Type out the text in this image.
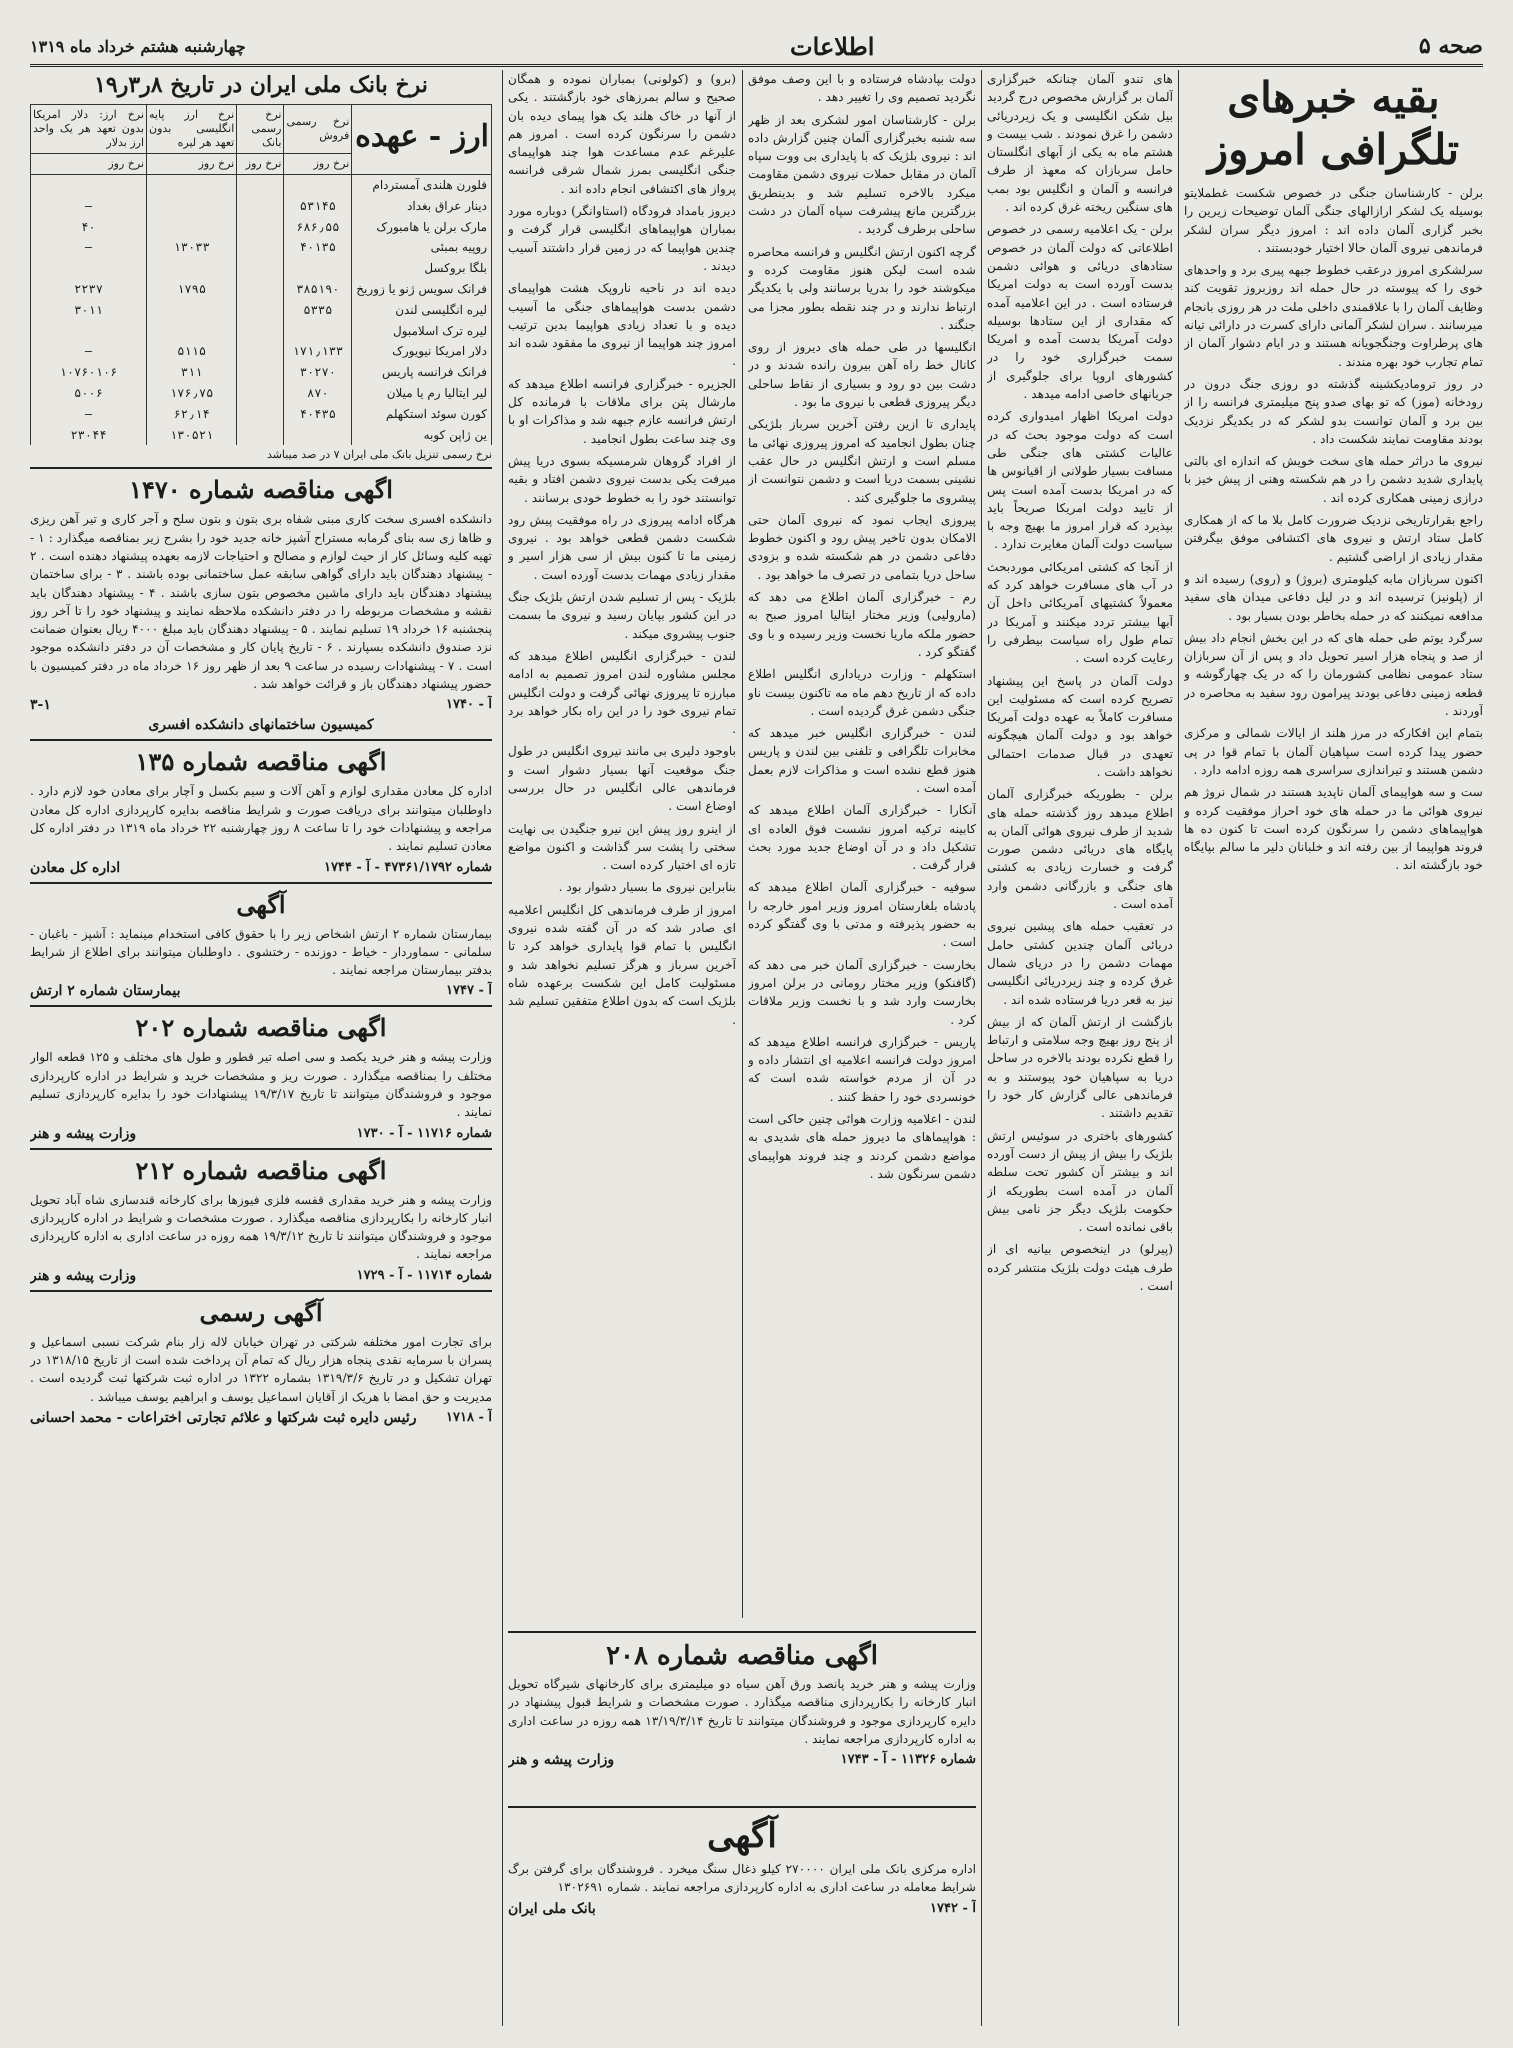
صحه ۵
اطلاعات
چهارشنبه هشتم خرداد ماه ۱۳۱۹
بقیه خبرهای تلگرافی امروز

برلن - کارشناسان جنگی در خصوص شکست غطملایتو بوسیله یک لشکر ارازالهای جنگی آلمان توضیحات زیرین را بخبر گزاری آلمان داده اند : امروز دیگر سران لشکر فرماندهی نیروی آلمان حالا اختیار خودبستند .

سرلشکری امروز درعقب خطوط جبهه پیری برد و واحدهای خوی را که پیوسته در حال حمله اند روزبروز تقویت کند وظایف آلمان را با علاقمندی داخلی ملت در هر روزی بانجام میرسانند . سران لشکر آلمانی دارای کسرت در دارائی تیانه های پرطراوت وجنگجویانه هستند و در ایام دشوار آلمان از تمام تجارب خود بهره مندند .

در روز ترومادیکشینه گذشته دو روزی جنگ درون در رودخانه (موز) که تو بهای صدو پنج میلیمتری فرانسه را از بین برد و آلمان توانست بدو لشکر که در یکدیگر نزدیک بودند مقاومت نمایند شکست داد .

نیروی ما دراثر حمله های سخت خویش که اندازه ای بالتی پایداری شدید دشمن را در هم شکسته وهنی از پیش خیز با درازی زمینی همکاری کرده اند .

راجع بقرارتاریخی نزدیک ضرورت کامل بلا ما که از همکاری کامل ستاد ارتش و نیروی های اکتشافی موفق بیگرفتن مقدار زیادی از اراضی گشتیم .

اکنون سربازان مابه کیلومتری (بروژ) و (روی) رسیده اند و از (پلونیز) ترسیده اند و در لیل دفاعی میدان های سفید مدافعه نمیکنند که در حمله بخاطر بودن بسیار بود .

سرگرد یوتم طی حمله های که در این بخش انجام داد بیش از صد و پنجاه هزار اسیر تحویل داد و پس از آن سربازان ستاد عمومی نظامی کشورمان را که در یک چهارگوشه و قطعه زمینی دفاعی بودند پیرامون رود سفید به محاصره در آوردند .

بتمام این افکارکه در مرز هلند از ایالات شمالی و مرکزی حضور پیدا کرده است سپاهیان آلمان با تمام قوا در پی دشمن هستند و تیراندازی سراسری همه روزه ادامه دارد .

ست و سه هواپیمای آلمان ناپدید هستند در شمال نروژ هم نیروی هوائی ما در حمله های خود احراز موفقیت کرده و هواپیماهای دشمن را سرنگون کرده است تا کنون ده ها فروند هواپیما از بین رفته اند و خلبانان دلیر ما سالم بپایگاه خود بازگشته اند .

های تندو آلمان چنانکه خبرگزاری آلمان بر گزارش مخصوص درج گردید بیل شکن انگلیسی و یک زیردریائی دشمن را غرق نمودند . شب بیست و هشتم ماه به یکی از آبهای انگلستان حامل سربازان که معهذ از طرف فرانسه و آلمان و انگلیس بود بمب های سنگین ریخته غرق کرده اند .

برلن - یک اعلامیه رسمی در خصوص اطلاعاتی که دولت آلمان در خصوص ستادهای دریائی و هوائی دشمن بدست آورده است به دولت امریکا فرستاده است . در این اعلامیه آمده که مقداری از این ستادها بوسیله دولت آمریکا بدست آمده و امریکا سمت خبرگزاری خود را در کشورهای اروپا برای جلوگیری از جریانهای خاصی ادامه میدهد .

دولت امریکا اظهار امیدواری کرده است که دولت موجود بحث که در عالیات کشتی های جنگی طی مسافت بسیار طولانی از اقیانوس ها که در امریکا بدست آمده است پس از تایید دولت امریکا صریحاً باید بپذیرد که قرار امروز ما بهیچ وجه با سیاست دولت آلمان مغایرت ندارد .

از آنجا که کشتی امریکائی موردبحث در آب های مسافرت خواهد کرد که معمولاً کشتیهای آمریکائی داخل آن آبها بیشتر تردد میکنند و آمریکا در تمام طول راه سیاست بیطرفی را رعایت کرده است .

دولت آلمان در پاسخ این پیشنهاد تصریح کرده است که مسئولیت این مسافرت کاملاً به عهده دولت آمریکا خواهد بود و دولت آلمان هیچگونه تعهدی در قبال صدمات احتمالی نخواهد داشت .

برلن - بطوریکه خبرگزاری آلمان اطلاع میدهد روز گذشته حمله های شدید از طرف نیروی هوائی آلمان به پایگاه های دریائی دشمن صورت گرفت و خسارت زیادی به کشتی های جنگی و بازرگانی دشمن وارد آمده است .

در تعقیب حمله های پیشین نیروی دریائی آلمان چندین کشتی حامل مهمات دشمن را در دریای شمال غرق کرده و چند زیردریائی انگلیسی نیز به قعر دریا فرستاده شده اند .

بازگشت از ارتش آلمان که از بیش از پنج روز بهیچ وجه سلامتی و ارتباط را قطع نکرده بودند بالاخره در ساحل دریا به سپاهیان خود پیوستند و به فرماندهی عالی گزارش کار خود را تقدیم داشتند .

کشورهای باختری در سوئیس ارتش بلژیک را بیش از پیش از دست آورده اند و بیشتر آن کشور تحت سلطه آلمان در آمده است بطوریکه از حکومت بلژیک دیگر جز نامی بیش باقی نمانده است .

(پیرلو) در اینخصوص بیانیه ای از طرف هیئت دولت بلژیک منتشر کرده است .

دولت بپادشاه فرستاده و با این وصف موفق نگردید تصمیم وی را تغییر دهد .

برلن - کارشناسان امور لشکری بعد از ظهر سه شنبه بخبرگزاری آلمان چنین گزارش داده اند : نیروی بلژیک که با پایداری بی ووت سپاه آلمان در مقابل حملات نیروی دشمن مقاومت میکرد بالاخره تسلیم شد و بدینطریق بزرگترین مانع پیشرفت سپاه آلمان در دشت ساحلی برطرف گردید .

گرچه اکنون ارتش انگلیس و فرانسه محاصره شده است لیکن هنوز مقاومت کرده و میکوشند خود را بدریا برسانند ولی با یکدیگر ارتباط ندارند و در چند نقطه بطور مجزا می جنگند .

انگلیسها در طی حمله های دیروز از روی کانال خط راه آهن بیرون رانده شدند و در دشت بین دو رود و بسیاری از نقاط ساحلی دیگر پیروزی قطعی با نیروی ما بود .

پایداری تا ازین رفتن آخرین سرباز بلژیکی چنان بطول انجامید که امروز پیروزی نهائی ما مسلم است و ارتش انگلیس در حال عقب نشینی بسمت دریا است و دشمن نتوانست از پیشروی ما جلوگیری کند .

پیروزی ایجاب نمود که نیروی آلمان حتی الامکان بدون تاخیر پیش رود و اکنون خطوط دفاعی دشمن در هم شکسته شده و بزودی ساحل دریا بتمامی در تصرف ما خواهد بود .

رم - خبرگزاری آلمان اطلاع می دهد که (مارولیی) وزیر مختار ایتالیا امروز صبح به حضور ملکه ماریا نخست وزیر رسیده و با وی گفتگو کرد .

استکهلم - وزارت دریاداری انگلیس اطلاع داده که از تاریخ دهم ماه مه تاکنون بیست ناو جنگی دشمن غرق گردیده است .

لندن - خبرگزاری انگلیس خبر میدهد که مخابرات تلگرافی و تلفنی بین لندن و پاریس هنوز قطع نشده است و مذاکرات لازم بعمل آمده است .

آنکارا - خبرگزاری آلمان اطلاع میدهد که کابینه ترکیه امروز نشست فوق العاده ای تشکیل داد و در آن اوضاع جدید مورد بحث قرار گرفت .

سوفیه - خبرگزاری آلمان اطلاع میدهد که پادشاه بلغارستان امروز وزیر امور خارجه را به حضور پذیرفته و مدتی با وی گفتگو کرده است .

بخارست - خبرگزاری آلمان خبر می دهد که (گافنکو) وزیر مختار رومانی در برلن امروز بخارست وارد شد و با نخست وزیر ملاقات کرد .

پاریس - خبرگزاری فرانسه اطلاع میدهد که امروز دولت فرانسه اعلامیه ای انتشار داده و در آن از مردم خواسته شده است که خونسردی خود را حفظ کنند .

لندن - اعلامیه وزارت هوائی چنین حاکی است : هواپیماهای ما دیروز حمله های شدیدی به مواضع دشمن کردند و چند فروند هواپیمای دشمن سرنگون شد .

(برو) و (کولونی) بمباران نموده و همگان صحیح و سالم بمرزهای خود بازگشتند . یکی از آنها در خاک هلند یک هوا پیمای دیده بان دشمن را سرنگون کرده است . امروز هم علیرغم عدم مساعدت هوا چند هواپیمای جنگی انگلیسی بمرز شمال شرقی فرانسه پرواز های اکتشافی انجام داده اند .

دیروز بامداد فرودگاه (استاوانگر) دوباره مورد بمباران هواپیماهای انگلیسی قرار گرفت و چندین هواپیما که در زمین قرار داشتند آسیب دیدند .

دیده اند در ناحیه ناروپک هشت هواپیمای دشمن بدست هواپیماهای جنگی ما آسیب دیده و با تعداد زیادی هواپیما بدین ترتیب امروز چند هواپیما از نیروی ما مفقود شده اند .

الجزیره - خبرگزاری فرانسه اطلاع میدهد که مارشال پتن برای ملاقات با فرمانده کل ارتش فرانسه عازم جبهه شد و مذاکرات او با وی چند ساعت بطول انجامید .

از افراد گروهان شرمسیکه بسوی دریا پیش میرفت یکی بدست نیروی دشمن افتاد و بقیه توانستند خود را به خطوط خودی برسانند .

هرگاه ادامه پیروزی در راه موفقیت پیش رود شکست دشمن قطعی خواهد بود . نیروی زمینی ما تا کنون بیش از سی هزار اسیر و مقدار زیادی مهمات بدست آورده است .

بلژیک - پس از تسلیم شدن ارتش بلژیک جنگ در این کشور بپایان رسید و نیروی ما بسمت جنوب پیشروی میکند .

لندن - خبرگزاری انگلیس اطلاع میدهد که مجلس مشاوره لندن امروز تصمیم به ادامه مبارزه تا پیروزی نهائی گرفت و دولت انگلیس تمام نیروی خود را در این راه بکار خواهد برد .

باوجود دلیری بی مانند نیروی انگلیس در طول جنگ موقعیت آنها بسیار دشوار است و فرماندهی عالی انگلیس در حال بررسی اوضاع است .

از اینرو روز پیش این نیرو جنگیدن بی نهایت سختی را پشت سر گذاشت و اکنون مواضع تازه ای اختیار کرده است .

بنابراین نیروی ما بسیار دشوار بود .

امروز از طرف فرماندهی کل انگلیس اعلامیه ای صادر شد که در آن گفته شده نیروی انگلیس با تمام قوا پایداری خواهد کرد تا آخرین سرباز و هرگز تسلیم نخواهد شد و مسئولیت کامل این شکست برعهده شاه بلژیک است که بدون اطلاع متفقین تسلیم شد .

اگهی مناقصه شماره ۲۰۸

وزارت پیشه و هنر خرید پانصد ورق آهن سیاه دو میلیمتری برای کارخانهای شیرگاه تحویل انبار کارخانه را بکارپردازی مناقصه میگذارد . صورت مشخصات و شرایط قبول پیشنهاد در دایره کارپردازی موجود و فروشندگان میتوانند تا تاریخ ۱۳/۱۹/۳/۱۴ همه روزه در ساعت اداری به اداره کارپردازی مراجعه نمایند .

شماره ۱۱۳۲۶ - آ - ۱۷۴۳
وزارت پیشه و هنر
آگهی

اداره مرکزی بانک ملی ایران ۲۷۰۰۰۰ کیلو ذغال سنگ میخرد . فروشندگان برای گرفتن برگ شرایط معامله در ساعت اداری به اداره کارپردازی مراجعه نمایند . شماره ۱۳۰۲۶۹۱

آ - ۱۷۴۲
بانک ملی ایران
نرخ بانک ملی ایران در تاریخ ۸ر۳ر۱۹
ارز - عهده	نرخ رسمی فروش	نرخ رسمی بانک	نرخ ارز پایه انگلیسی بدون تعهد هر لیره	نرخ ارز: دلار امریکا بدون تعهد هر یک واحد ارز بدلار
	نرخ روز	نرخ روز	نرخ روز	نرخ روز
فلورن هلندی آمستردام				
دینار عراق بغداد	۵۳۱۴۵			—
مارک برلن یا هامبورک	۶۸۶٫۵۵			۴۰
روپیه بمبئی	۴۰۱۳۵		۱۳۰۳۳	—
بلگا بروکسل				
فرانک سویس ژنو یا زوریخ	۳۸۵۱۹۰		۱۷۹۵	۲۲۳۷
لیره انگلیسی لندن	۵۳۳۵			۳۰۱۱
لیره ترک اسلامبول				
دلار امریکا نیویورک	۱۷۱٫۱۳۳		۵۱۱۵	—
فرانک فرانسه پاریس	۳۰۲۷۰		۳۱۱	۱۰۷۶۰۱۰۶
لیر ایتالیا رم یا میلان	۸۷۰		۱۷۶٫۷۵	۵۰۰۶
کورن سوئد استکهلم	۴۰۴۳۵		۶۲٫۱۴	—
ین ژاپن کوبه			۱۳۰۵۲۱	۲۳۰۴۴
نرخ رسمی تنزیل بانک ملی ایران ۷ در صد میباشد
اگهی مناقصه شماره ۱۴۷۰

دانشکده افسری سخت کاری مبنی شفاه بری بتون و بتون سلح و آجر کاری و تیر آهن ریزی و ظاها زی سه بنای گرمابه مستراح آشپز خانه جدید خود را بشرح زیر بمناقصه میگذارد : ۱ - تهیه کلیه وسائل کار از حیث لوازم و مصالح و احتیاجات لازمه بعهده پیشنهاد دهنده است . ۲ - پیشنهاد دهندگان باید داراى گواهى سابقه عمل ساختمانى بوده باشند . ۳ - براى ساختمان پیشنهاد دهندگان باید داراى ماشین مخصوص بتون سازى باشند . ۴ - پیشنهاد دهندگان باید نقشه و مشخصات مربوطه را در دفتر دانشکده ملاحظه نمایند و پیشنهاد خود را تا آخر روز پنجشنبه ۱۶ خرداد ۱۹ تسلیم نمایند . ۵ - پیشنهاد دهندگان باید مبلغ ۴۰۰۰ ریال بعنوان ضمانت نزد صندوق دانشکده بسپارند . ۶ - تاریخ پایان کار و مشخصات آن در دفتر دانشکده موجود است . ۷ - پیشنهادات رسیده در ساعت ۹ بعد از ظهر روز ۱۶ خرداد ماه در دفتر کمیسیون با حضور پیشنهاد دهندگان باز و قرائت خواهد شد .

آ - ۱۷۴۰
۳-۱
کمیسیون ساختمانهای دانشکده افسری
اگهی مناقصه شماره ۱۳۵

اداره کل معادن مقداری لوازم و آهن آلات و سیم بکسل و آچار برای معادن خود لازم دارد . داوطلبان میتوانند برای دریافت صورت و شرایط مناقصه بدایره کارپردازی اداره کل معادن مراجعه و پیشنهادات خود را تا ساعت ۸ روز چهارشنبه ۲۲ خرداد ماه ۱۳۱۹ در دفتر اداره کل معادن تسلیم نمایند .

شماره ۴۷۳۶۱/۱۷۹۲ - آ - ۱۷۴۴
اداره کل معادن
آگهی

بیمارستان شماره ۲ ارتش اشخاص زیر را با حقوق کافی استخدام مینماید : آشپز - باغبان - سلمانی - سماوردار - خیاط - دوزنده - رختشوی . داوطلبان میتوانند برای اطلاع از شرایط بدفتر بیمارستان مراجعه نمایند .

آ - ۱۷۴۷
بیمارستان شماره ۲ ارتش
اگهی مناقصه شماره ۲۰۲

وزارت پیشه و هنر خرید یکصد و سی اصله تیر قطور و طول های مختلف و ۱۲۵ قطعه الوار مختلف را بمناقصه میگذارد . صورت ریز و مشخصات خرید و شرایط در اداره کارپردازی موجود و فروشندگان میتوانند تا تاریخ ۱۹/۳/۱۷ پیشنهادات خود را بدایره کارپردازی تسلیم نمایند .

شماره ۱۱۷۱۶ - آ - ۱۷۳۰
وزارت پیشه و هنر
اگهی مناقصه شماره ۲۱۲

وزارت پیشه و هنر خرید مقداری قفسه فلزی فیوزها برای کارخانه قندسازی شاه آباد تحویل انبار کارخانه را بکارپردازی مناقصه میگذارد . صورت مشخصات و شرایط در اداره کارپردازی موجود و فروشندگان میتوانند تا تاریخ ۱۹/۳/۱۲ همه روزه در ساعت اداری به اداره کارپردازی مراجعه نمایند .

شماره ۱۱۷۱۴ - آ - ۱۷۲۹
وزارت پیشه و هنر
آگهی رسمی

برای تجارت امور مختلفه شرکتی در تهران خیابان لاله زار بنام شرکت نسبی اسماعیل و پسران با سرمایه نقدی پنجاه هزار ریال که تمام آن پرداخت شده است از تاریخ ۱۳۱۸/۱۵ در تهران تشکیل و در تاریخ ۱۳۱۹/۳/۶ بشماره ۱۳۲۲ در اداره ثبت شرکتها ثبت گردیده است . مدیریت و حق امضا با هریک از آقایان اسماعیل یوسف و ابراهیم یوسف میباشد .

آ - ۱۷۱۸
رئیس دایره ثبت شرکتها و علائم تجارتی اختراعات - محمد احسانی
